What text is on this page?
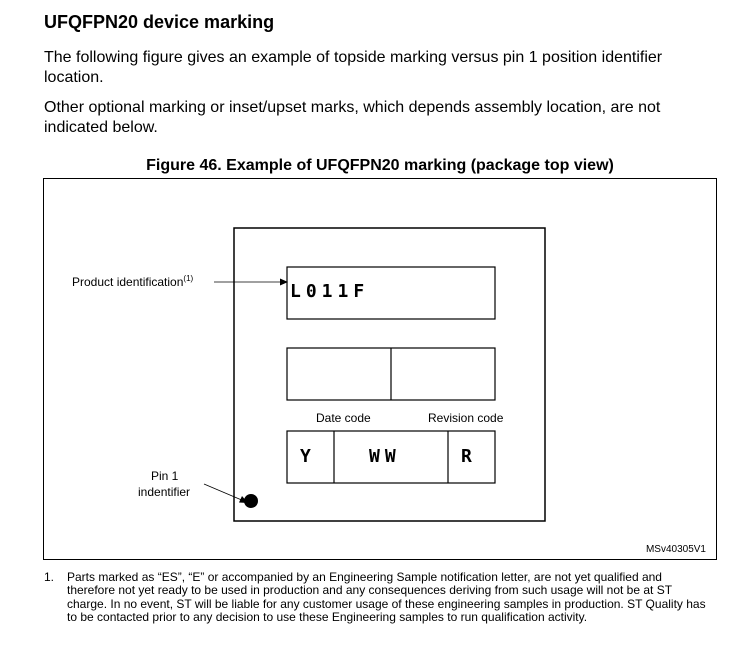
UFQFPN20 device marking

The following figure gives an example of topside marking versus pin 1 position identifier location.

Other optional marking or inset/upset marks, which depends assembly location, are not indicated below.

Figure 46. Example of UFQFPN20 marking (package top view)
Product identification$^{(1)}$
Pin 1
indentifier
Date code	Revision code
L011F
Y	WW	R
MSv40305V1
1. Parts marked as “ES”, “E” or accompanied by an Engineering Sample notification letter, are not yet qualified and therefore not yet ready to be used in production and any consequences deriving from such usage will not be at ST charge. In no event, ST will be liable for any customer usage of these engineering samples in production. ST Quality has to be contacted prior to any decision to use these Engineering samples to run qualification activity.
